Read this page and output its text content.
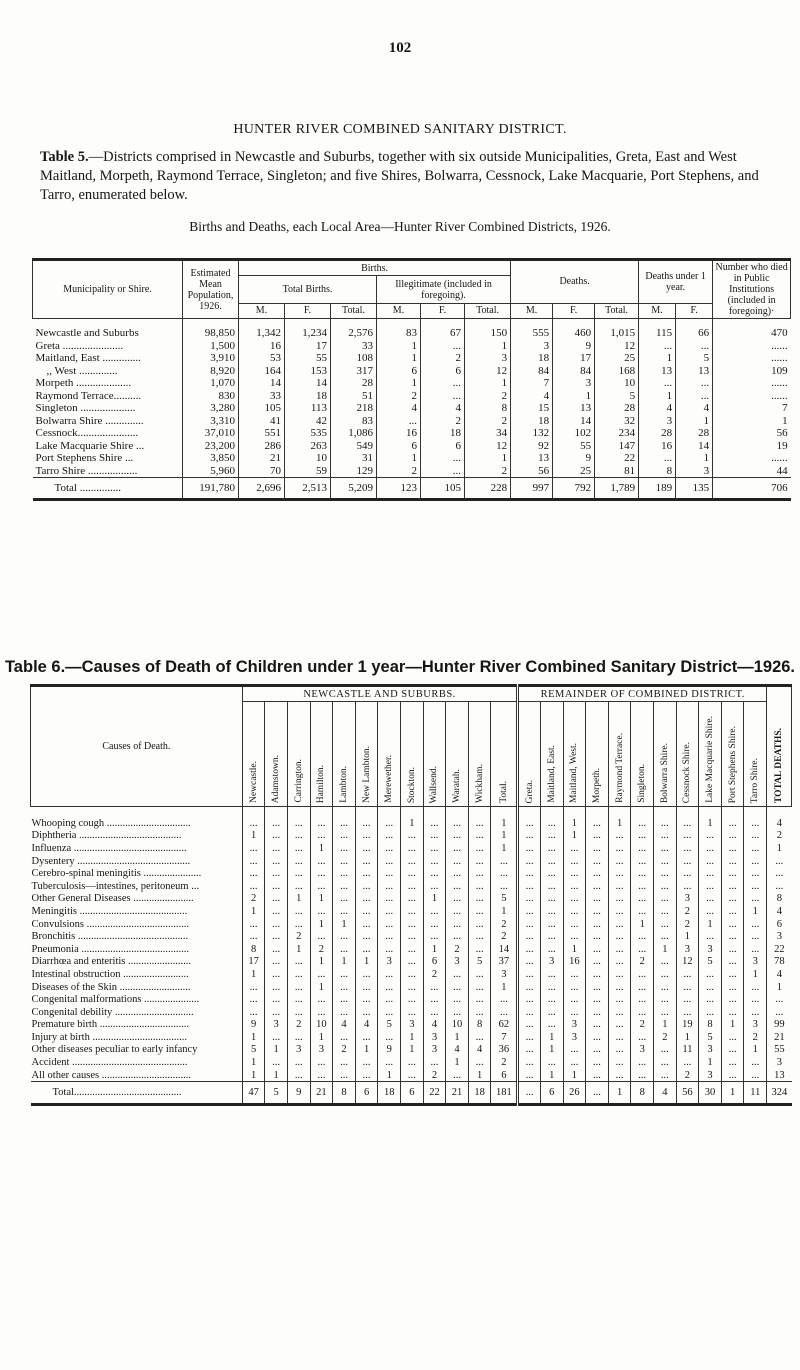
102
HUNTER RIVER COMBINED SANITARY DISTRICT.
Table 5.—Districts comprised in Newcastle and Suburbs, together with six outside Municipalities, Greta, East and West Maitland, Morpeth, Raymond Terrace, Singleton; and five Shires, Bolwarra, Cessnock, Lake Macquarie, Port Stephens, and Tarro, enumerated below.
Births and Deaths, each Local Area—Hunter River Combined Districts, 1926.
Municipality or Shire.	Estimated Mean Population, 1926.	Births.						Deaths.			Deaths under 1 year.		Number who died in Public Institutions (included in foregoing)·
		Total Births.			Illegitimate (included in foregoing).								
		M.	F.	Total.	M.	F.	Total.	M.	F.	Total.	M.	F.	
Newcastle and Suburbs	98,850	1,342	1,234	2,576	83	67	150	555	460	1,015	115	66	470
Greta ......................	1,500	16	17	33	1	...	1	3	9	12	...	...	......
Maitland, East ..............	3,910	53	55	108	1	2	3	18	17	25	1	5	......
,, West ..............	8,920	164	153	317	6	6	12	84	84	168	13	13	109
Morpeth ....................	1,070	14	14	28	1	...	1	7	3	10	...	...	......
Raymond Terrace..........	830	33	18	51	2	...	2	4	1	5	1	...	......
Singleton ....................	3,280	105	113	218	4	4	8	15	13	28	4	4	7
Bolwarra Shire ..............	3,310	41	42	83	...	2	2	18	14	32	3	1	1
Cessnock......................	37,010	551	535	1,086	16	18	34	132	102	234	28	28	56
Lake Macquarie Shire ...	23,200	286	263	549	6	6	12	92	55	147	16	14	19
Port Stephens Shire ...	3,850	21	10	31	1	...	1	13	9	22	...	1	......
Tarro Shire ..................	5,960	70	59	129	2	...	2	56	25	81	8	3	44
Total ...............	191,780	2,696	2,513	5,209	123	105	228	997	792	1,789	189	135	706
Table 6.—Causes of Death of Children under 1 year—Hunter River Combined Sanitary District—1926.
Causes of Death.	NEWCASTLE AND SUBURBS.												REMAINDER OF COMBINED DISTRICT.											TOTAL DEATHS.
	Newcastle.	Adamstown.	Carrington.	Hamilton.	Lambton.	New Lambton.	Merewether.	Stockton.	Wallsend.	Waratah.	Wickham.	Total.	Greta.	Maitland, East.	Maitland, West.	Morpeth.	Raymond Terrace.	Singleton.	Bolwarra Shire.	Cessnock Shire.	Lake Macquarie Shire.	Port Stephens Shire.	Tarro Shire.	
Whooping cough ................................	...	...	...	...	...	...	...	1	...	...	...	1	...	...	1	...	1	...	...	...	1	...	...	4
Diphtheria .......................................	1	...	...	...	...	...	...	...	...	...	...	1	...	...	1	...	...	...	...	...	...	...	...	2
Influenza ...........................................	...	...	...	1	...	...	...	...	...	...	...	1	...	...	...	...	...	...	...	...	...	...	...	1
Dysentery ...........................................	...	...	...	...	...	...	...	...	...	...	...	...	...	...	...	...	...	...	...	...	...	...	...	...
Cerebro-spinal meningitis ......................	...	...	...	...	...	...	...	...	...	...	...	...	...	...	...	...	...	...	...	...	...	...	...	...
Tuberculosis—intestines, peritoneum ...	...	...	...	...	...	...	...	...	...	...	...	...	...	...	...	...	...	...	...	...	...	...	...	...
Other General Diseases .......................	2	...	1	1	...	...	...	...	1	...	...	5	...	...	...	...	...	...	...	3	...	...	...	8
Meningitis .........................................	1	...	...	...	...	...	...	...	...	...	...	1	...	...	...	...	...	...	...	2	...	...	1	4
Convulsions .......................................	...	...	...	1	1	...	...	...	...	...	...	2	...	...	...	...	...	1	...	2	1	...	...	6
Bronchitis ..........................................	...	...	2	...	...	...	...	...	...	...	...	2	...	...	...	...	...	...	...	1	...	...	...	3
Pneumonia .........................................	8	...	1	2	...	...	...	...	1	2	...	14	...	...	1	...	...	...	1	3	3	...	...	22
Diarrhœa and enteritis ........................	17	...	...	1	1	1	3	...	6	3	5	37	...	3	16	...	...	2	...	12	5	...	3	78
Intestinal obstruction .........................	1	...	...	...	...	...	...	...	2	...	...	3	...	...	...	...	...	...	...	...	...	...	1	4
Diseases of the Skin ...........................	...	...	...	1	...	...	...	...	...	...	...	1	...	...	...	...	...	...	...	...	...	...	...	1
Congenital malformations .....................	...	...	...	...	...	...	...	...	...	...	...	...	...	...	...	...	...	...	...	...	...	...	...	...
Congenital debility ..............................	...	...	...	...	...	...	...	...	...	...	...	...	...	...	...	...	...	...	...	...	...	...	...	...
Premature birth ..................................	9	3	2	10	4	4	5	3	4	10	8	62	...	...	3	...	...	2	1	19	8	1	3	99
Injury at birth ....................................	1	...	...	1	...	...	...	1	3	1	...	7	...	1	3	...	...	...	2	1	5	...	2	21
Other diseases peculiar to early infancy	5	1	3	3	2	1	9	1	3	4	4	36	...	1	...	...	...	3	...	11	3	...	1	55
Accident ............................................	1	...	...	...	...	...	...	...	...	1	...	2	...	...	...	...	...	...	...	...	1	...	...	3
All other causes ..................................	1	1	...	...	...	...	1	...	2	...	1	6	...	1	1	...	...	...	...	2	3	...	...	13
Total.........................................	47	5	9	21	8	6	18	6	22	21	18	181	...	6	26	...	1	8	4	56	30	1	11	324
